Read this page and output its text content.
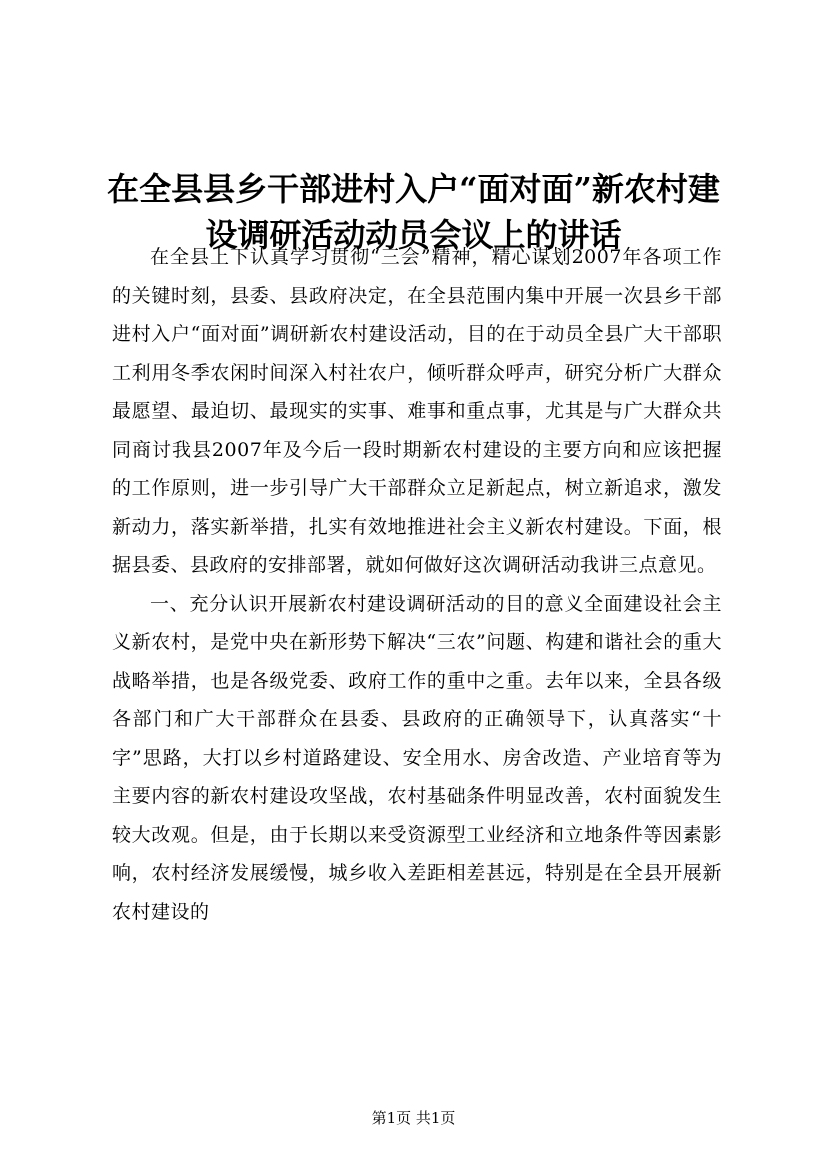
在全县县乡干部进村入户“面对面”新农村建设调研活动动员会议上的讲话

在全县上下认真学习贯彻“三会”精神，精心谋划2007年各项工作的关键时刻，县委、县政府决定，在全县范围内集中开展一次县乡干部进村入户“面对面”调研新农村建设活动，目的在于动员全县广大干部职工利用冬季农闲时间深入村社农户，倾听群众呼声，研究分析广大群众最愿望、最迫切、最现实的实事、难事和重点事，尤其是与广大群众共同商讨我县2007年及今后一段时期新农村建设的主要方向和应该把握的工作原则，进一步引导广大干部群众立足新起点，树立新追求，激发新动力，落实新举措，扎实有效地推进社会主义新农村建设。下面，根据县委、县政府的安排部署，就如何做好这次调研活动我讲三点意见。

一、充分认识开展新农村建设调研活动的目的意义全面建设社会主义新农村，是党中央在新形势下解决“三农”问题、构建和谐社会的重大战略举措，也是各级党委、政府工作的重中之重。去年以来，全县各级各部门和广大干部群众在县委、县政府的正确领导下，认真落实“十字”思路，大打以乡村道路建设、安全用水、房舍改造、产业培育等为主要内容的新农村建设攻坚战，农村基础条件明显改善，农村面貌发生较大改观。但是，由于长期以来受资源型工业经济和立地条件等因素影响，农村经济发展缓慢，城乡收入差距相差甚远，特别是在全县开展新农村建设的

第1页 共1页
